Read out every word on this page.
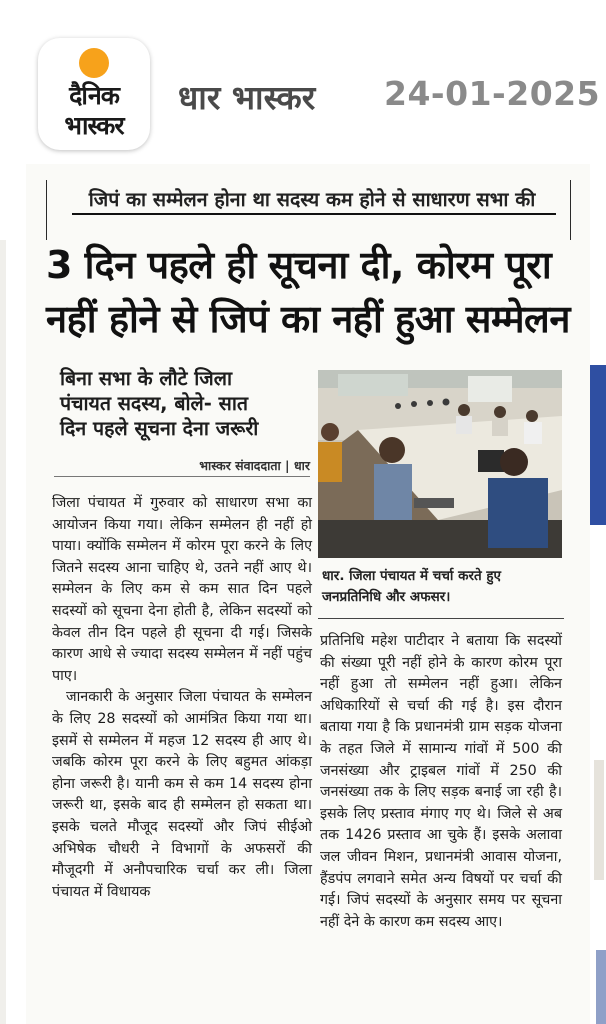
दैनिक
भास्कर
धार भास्कर 24-01-2025
जिपं का सम्मेलन होना था सदस्य कम होने से साधारण सभा की
3 दिन पहले ही सूचना दी, कोरम पूरा
नहीं होने से जिपं का नहीं हुआ सम्मेलन
बिना सभा के लौटे जिला
पंचायत सदस्य, बोले- सात
दिन पहले सूचना देना जरूरी
भास्कर संवाददाता | धार
धार. जिला पंचायत में चर्चा करते हुए
जनप्रतिनिधि और अफसर।

जिला पंचायत में गुरुवार को साधारण सभा का आयोजन किया गया। लेकिन सम्मेलन ही नहीं हो पाया। क्योंकि सम्मेलन में कोरम पूरा करने के लिए जितने सदस्य आना चाहिए थे, उतने नहीं आए थे। सम्मेलन के लिए कम से कम सात दिन पहले सदस्यों को सूचना देना होती है, लेकिन सदस्यों को केवल तीन दिन पहले ही सूचना दी गई। जिसके कारण आधे से ज्यादा सदस्य सम्मेलन में नहीं पहुंच पाए।

जानकारी के अनुसार जिला पंचायत के सम्मेलन के लिए 28 सदस्यों को आमंत्रित किया गया था। इसमें से सम्मेलन में महज 12 सदस्य ही आए थे। जबकि कोरम पूरा करने के लिए बहुमत आंकड़ा होना जरूरी है। यानी कम से कम 14 सदस्य होना जरूरी था, इसके बाद ही सम्मेलन हो सकता था। इसके चलते मौजूद सदस्यों और जिपं सीईओ अभिषेक चौधरी ने विभागों के अफसरों की मौजूदगी में अनौपचारिक चर्चा कर ली। जिला पंचायत में विधायक

प्रतिनिधि महेश पाटीदार ने बताया कि सदस्यों की संख्या पूरी नहीं होने के कारण कोरम पूरा नहीं हुआ तो सम्मेलन नहीं हुआ। लेकिन अधिकारियों से चर्चा की गई है। इस दौरान बताया गया है कि प्रधानमंत्री ग्राम सड़क योजना के तहत जिले में सामान्य गांवों में 500 की जनसंख्या और ट्राइबल गांवों में 250 की जनसंख्या तक के लिए सड़क बनाई जा रही है। इसके लिए प्रस्ताव मंगाए गए थे। जिले से अब तक 1426 प्रस्ताव आ चुके हैं। इसके अलावा जल जीवन मिशन, प्रधानमंत्री आवास योजना, हैंडपंप लगवाने समेत अन्य विषयों पर चर्चा की गई। जिपं सदस्यों के अनुसार समय पर सूचना नहीं देने के कारण कम सदस्य आए।
